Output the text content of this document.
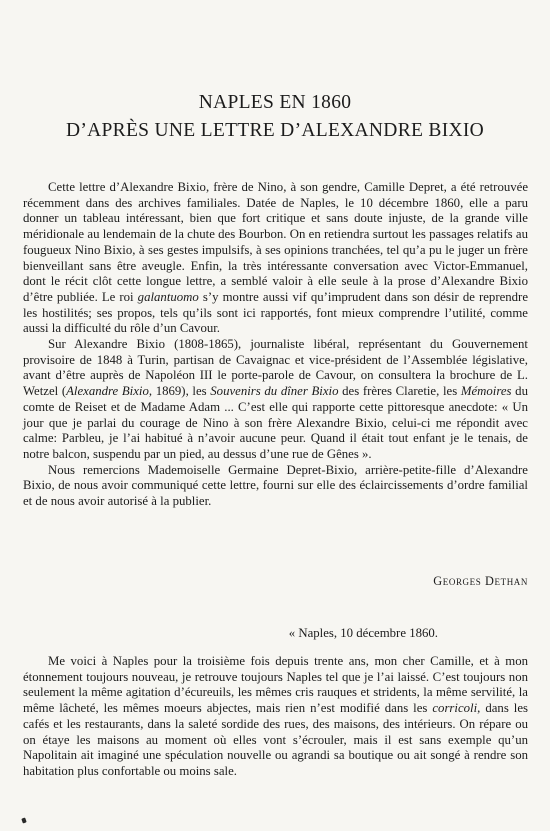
NAPLES EN 1860
D’APRÈS UNE LETTRE D’ALEXANDRE BIXIO

Cette lettre d’Alexandre Bixio, frère de Nino, à son gendre, Camille Depret, a été retrouvée récemment dans des archives familiales. Datée de Naples, le 10 décembre 1860, elle a paru donner un tableau intéressant, bien que fort critique et sans doute injuste, de la grande ville méridionale au lendemain de la chute des Bourbon. On en retiendra surtout les passages relatifs au fougueux Nino Bixio, à ses gestes impulsifs, à ses opinions tranchées, tel qu’a pu le juger un frère bienveillant sans être aveugle. Enfin, la très intéressante conversation avec Victor-Emmanuel, dont le récit clôt cette longue lettre, a semblé valoir à elle seule à la prose d’Alexandre Bixio d’être publiée. Le roi galantuomo s’y montre aussi vif qu’imprudent dans son désir de reprendre les hostilités; ses propos, tels qu’ils sont ici rapportés, font mieux comprendre l’utilité, comme aussi la difficulté du rôle d’un Cavour.

Sur Alexandre Bixio (1808-1865), journaliste libéral, représentant du Gouvernement provisoire de 1848 à Turin, partisan de Cavaignac et vice-président de l’Assemblée législative, avant d’être auprès de Napoléon III le porte-parole de Cavour, on consultera la brochure de L. Wetzel (Alexandre Bixio, 1869), les Souvenirs du dîner Bixio des frères Claretie, les Mémoires du comte de Reiset et de Madame Adam ... C’est elle qui rapporte cette pittoresque anecdote: « Un jour que je parlai du courage de Nino à son frère Alexandre Bixio, celui-ci me répondit avec calme: Parbleu, je l’ai habitué à n’avoir aucune peur. Quand il était tout enfant je le tenais, de notre balcon, suspendu par un pied, au dessus d’une rue de Gênes ».

Nous remercions Mademoiselle Germaine Depret-Bixio, arrière-petite-fille d’Alexandre Bixio, de nous avoir communiqué cette lettre, fourni sur elle des éclaircissements d’ordre familial et de nous avoir autorisé à la publier.

Georges Dethan
« Naples, 10 décembre 1860.

Me voici à Naples pour la troisième fois depuis trente ans, mon cher Camille, et à mon étonnement toujours nouveau, je retrouve toujours Naples tel que je l’ai laissé. C’est toujours non seulement la même agitation d’écureuils, les mêmes cris rauques et stridents, la même servilité, la même lâcheté, les mêmes moeurs abjectes, mais rien n’est modifié dans les corricoli, dans les cafés et les restaurants, dans la saleté sordide des rues, des maisons, des intérieurs. On répare ou on étaye les maisons au moment où elles vont s’écrouler, mais il est sans exemple qu’un Napolitain ait imaginé une spéculation nouvelle ou agrandi sa boutique ou ait songé à rendre son habitation plus confortable ou moins sale.
